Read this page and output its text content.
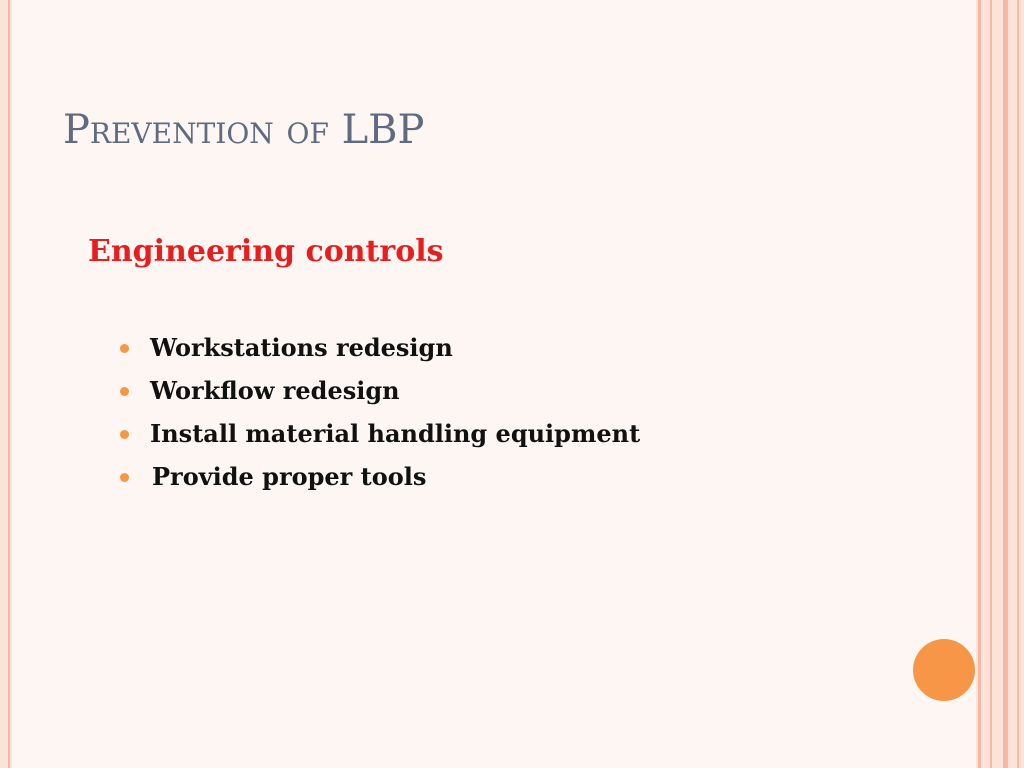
Prevention of LBP
Engineering controls
Workstations redesign
Workflow redesign
Install material handling equipment
Provide proper tools
